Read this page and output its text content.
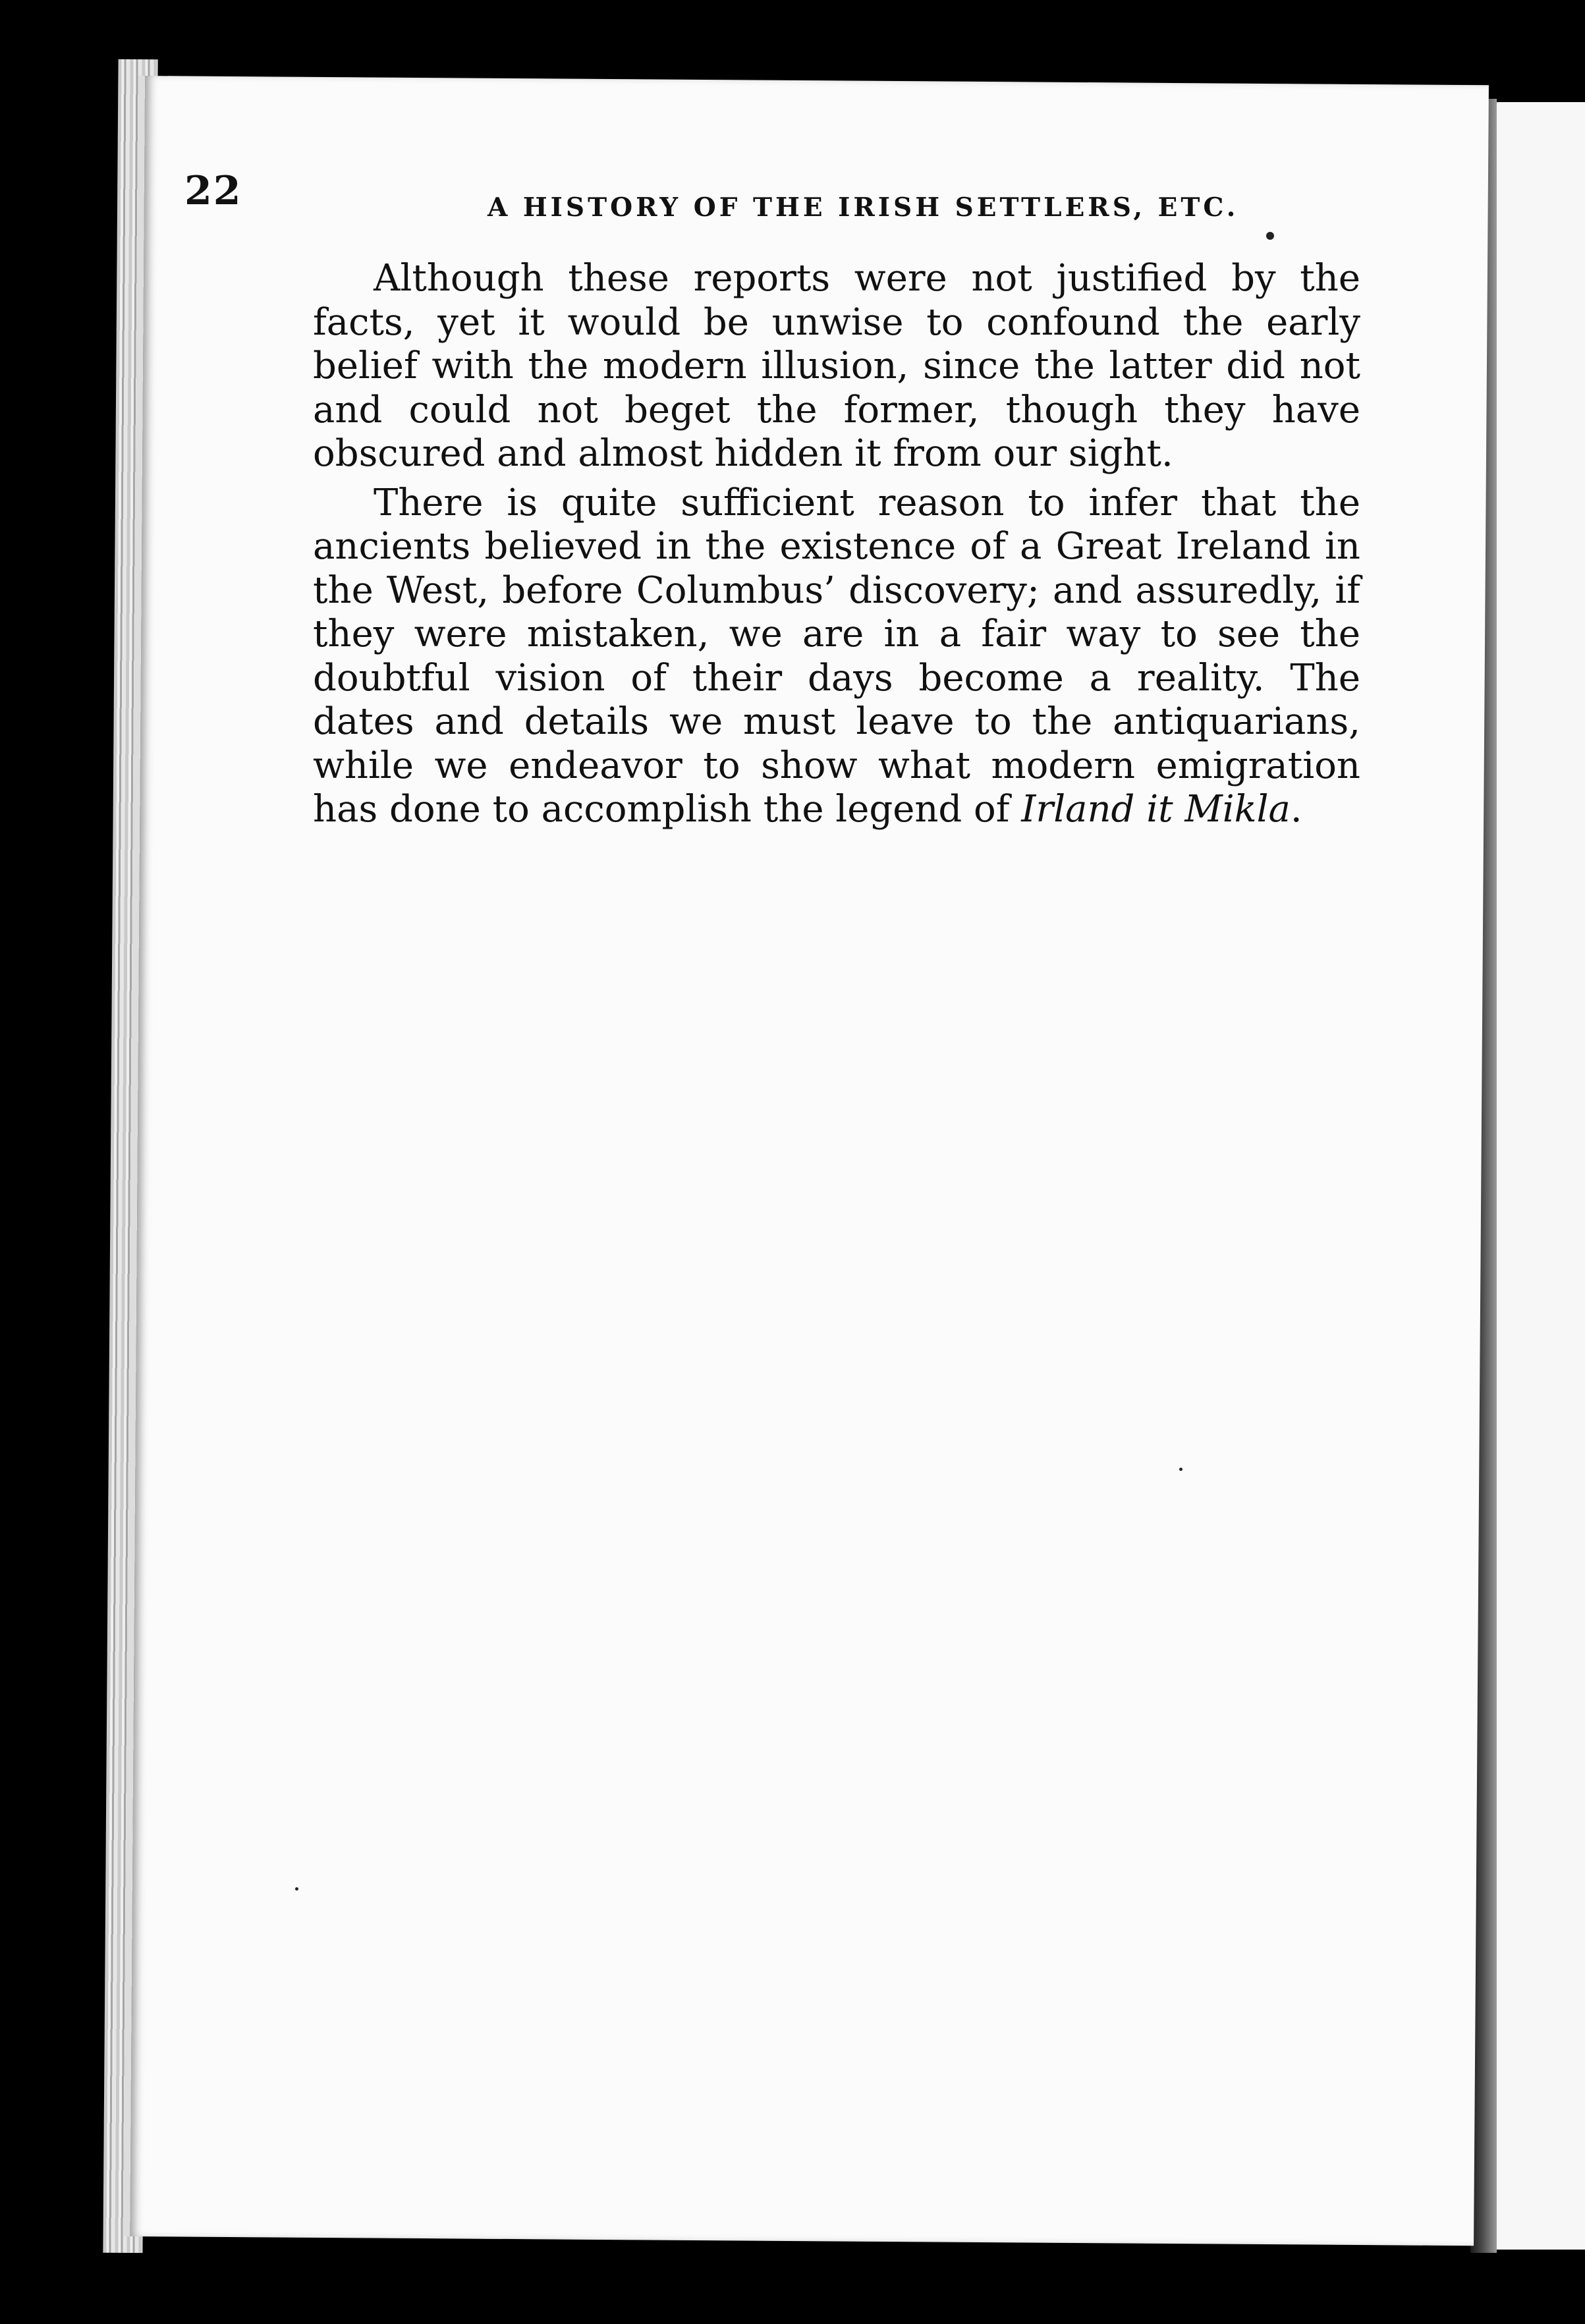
22	A HISTORY OF THE IRISH SETTLERS, ETC.

Although these reports were not justified by the facts, yet it would be unwise to confound the early belief with the modern illusion, since the latter did not and could not beget the former, though they have obscured and almost hidden it from our sight.

There is quite sufficient reason to infer that the ancients believed in the existence of a Great Ireland in the West, before Columbus’ discovery; and assuredly, if they were mistaken, we are in a fair way to see the doubtful vision of their days become a reality. The dates and details we must leave to the antiquarians, while we endeavor to show what modern emigration has done to accomplish the legend of Irland it Mikla.
